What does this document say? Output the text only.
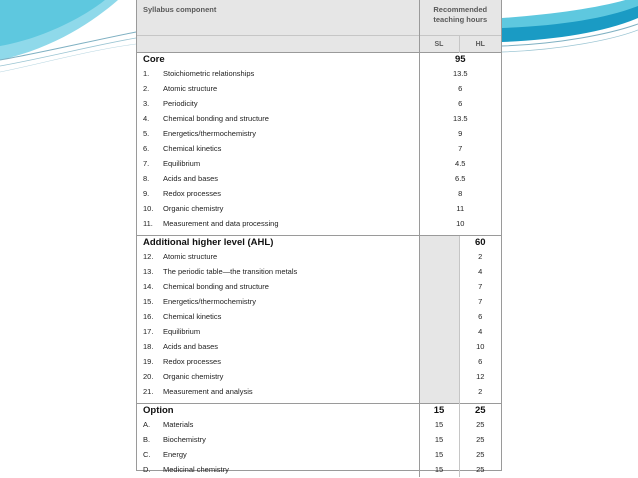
Syllabus component	Recommended teaching hours	
	SL	HL
Core	95	
1. Stoichiometric relationships	13.5	
2. Atomic structure	6	
3. Periodicity	6	
4. Chemical bonding and structure	13.5	
5. Energetics/thermochemistry	9	
6. Chemical kinetics	7	
7. Equilibrium	4.5	
8. Acids and bases	6.5	
9. Redox processes	8	
10. Organic chemistry	11	
11. Measurement and data processing	10	

Additional higher level (AHL)		60
12. Atomic structure		2
13. The periodic table—the transition metals		4
14. Chemical bonding and structure		7
15. Energetics/thermochemistry		7
16. Chemical kinetics		6
17. Equilibrium		4
18. Acids and bases		10
19. Redox processes		6
20. Organic chemistry		12
21. Measurement and analysis		2

Option	15	25
A. Materials	15	25
B. Biochemistry	15	25
C. Energy	15	25
D. Medicinal chemistry	15	25
